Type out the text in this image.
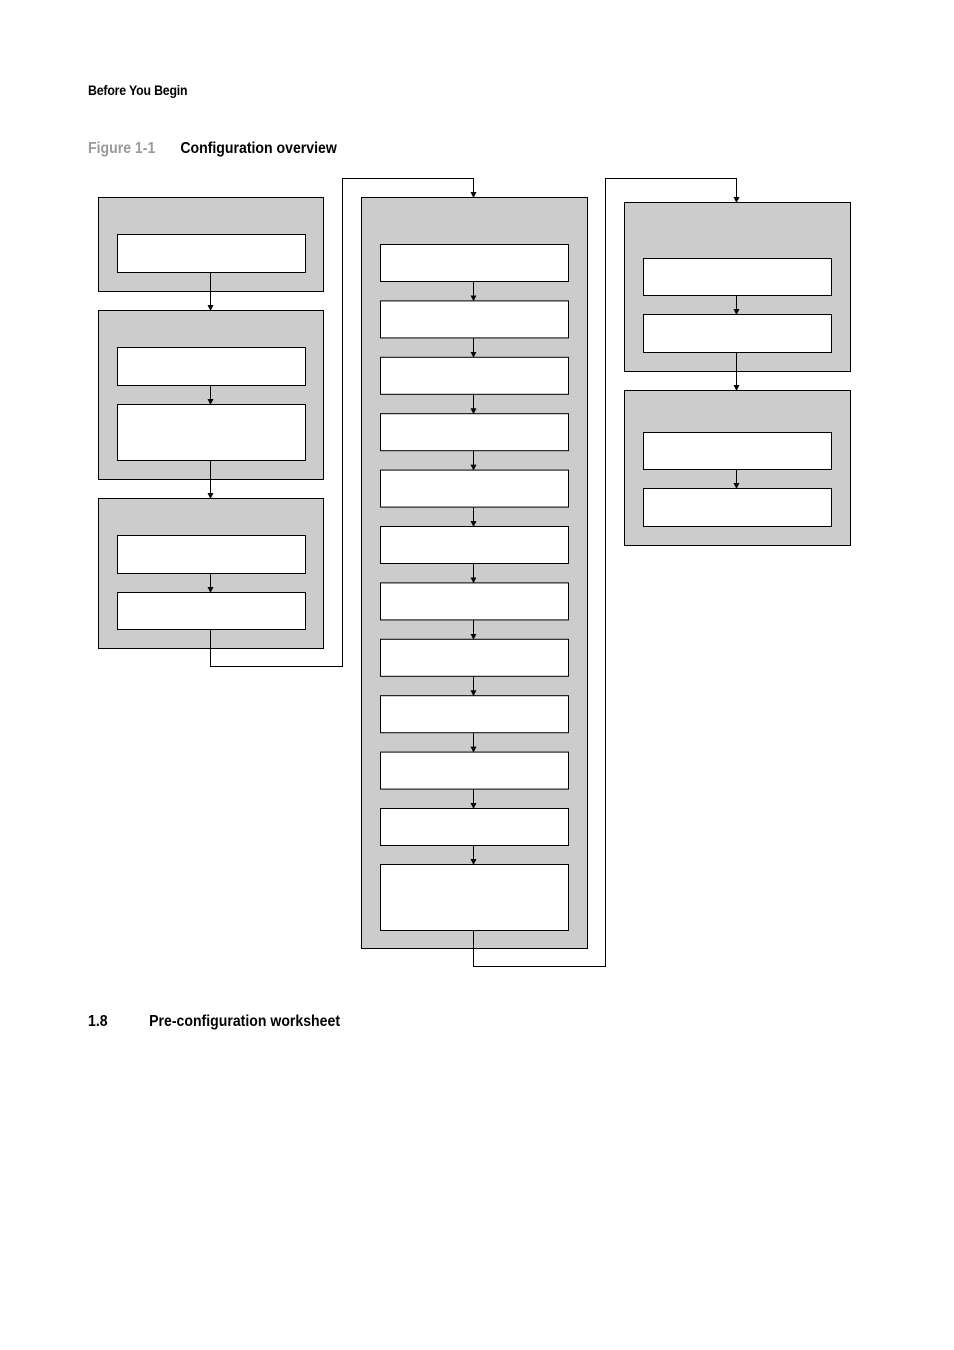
Before You Begin
Figure 1-1 Configuration overview
1.8	Pre-configuration worksheet
